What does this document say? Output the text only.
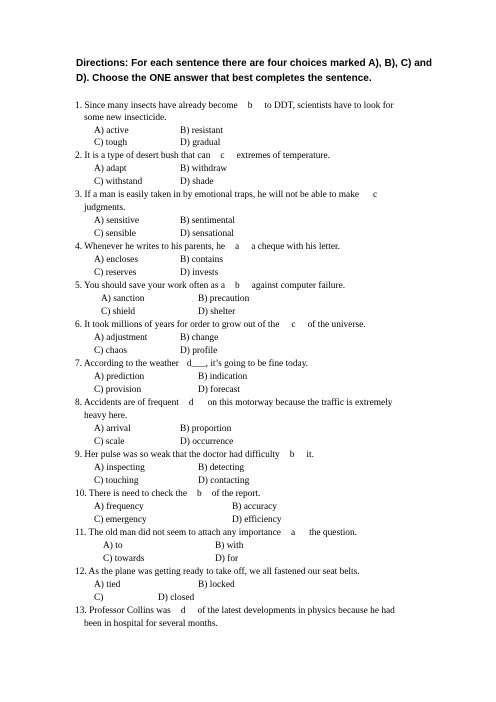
Directions: For each sentence there are four choices marked A), B), C) and D). Choose the ONE answer that best completes the sentence.
1. Since many insects have already become b to DDT, scientists have to look for
some new insecticide.
A) active	B) resistant
C) tough	D) gradual
2. It is a type of desert bush that can c extremes of temperature.
A) adapt	B) withdraw
C) withstand	D) shade
3. If a man is easily taken in by emotional traps, he will not be able to make c
judgments.
A) sensitive	B) sentimental
C) sensible	D) sensational
4. Whenever he writes to his parents, he a a cheque with his letter.
A) encloses	B) contains
C) reserves	D) invests
5. You should save your work often as a b against computer failure.
A) sanction	B) precaution
C) shield	D) shelter
6. It took millions of years for order to grow out of the c of the universe.
A) adjustment	B) change
C) chaos	D) profile
7. According to the weather d___, it’s going to be fine today.
A) prediction	B) indication
C) provision	D) forecast
8. Accidents are of frequent d on this motorway because the traffic is extremely
heavy here.
A) arrival	B) proportion
C) scale	D) occurrence
9. Her pulse was so weak that the doctor had difficulty b it.
A) inspecting	B) detecting
C) touching	D) contacting
10. There is need to check the b of the report.
A) frequency	B) accuracy
C) emergency	D) efficiency
11. The old man did not seem to attach any importance a the question.
A) to	B) with
C) towards	D) for
12. As the plane was getting ready to take off, we all fastened our seat belts.
A) tied	B) locked
C)	D) closed
13. Professor Collins was d of the latest developments in physics because he had
been in hospital for several months.
